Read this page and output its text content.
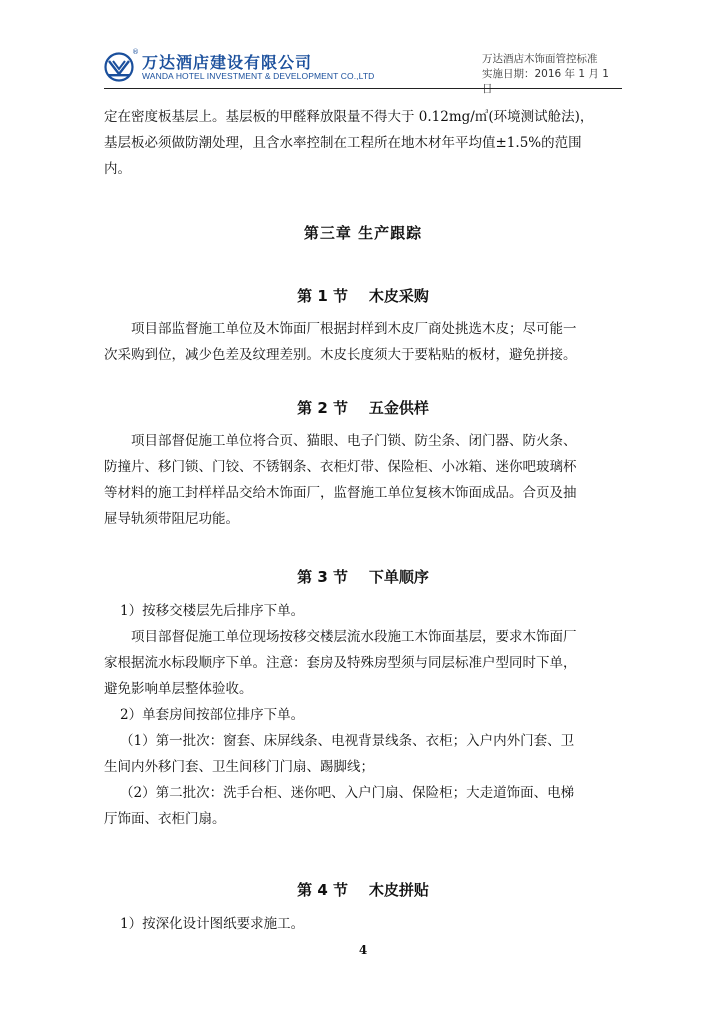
®
万达酒店建设有限公司
WANDA HOTEL INVESTMENT & DEVELOPMENT CO.,LTD
万达酒店木饰面管控标准
实施日期：2016 年 1 月 1 日
定在密度板基层上。基层板的甲醛释放限量不得大于 0.12mg/㎥(环境测试舱法)，
基层板必须做防潮处理，且含水率控制在工程所在地木材年平均值±1.5%的范围
内。
第三章 生产跟踪
第 1 节    木皮采购
项目部监督施工单位及木饰面厂根据封样到木皮厂商处挑选木皮；尽可能一
次采购到位，减少色差及纹理差别。木皮长度须大于要粘贴的板材，避免拼接。
第 2 节    五金供样
项目部督促施工单位将合页、猫眼、电子门锁、防尘条、闭门器、防火条、
防撞片、移门锁、门铰、不锈钢条、衣柜灯带、保险柜、小冰箱、迷你吧玻璃杯
等材料的施工封样样品交给木饰面厂，监督施工单位复核木饰面成品。合页及抽
屉导轨须带阻尼功能。
第 3 节    下单顺序
1）按移交楼层先后排序下单。
项目部督促施工单位现场按移交楼层流水段施工木饰面基层，要求木饰面厂
家根据流水标段顺序下单。注意：套房及特殊房型须与同层标准户型同时下单，
避免影响单层整体验收。
2）单套房间按部位排序下单。
（1）第一批次：窗套、床屏线条、电视背景线条、衣柜；入户内外门套、卫
生间内外移门套、卫生间移门门扇、踢脚线；
（2）第二批次：洗手台柜、迷你吧、入户门扇、保险柜；大走道饰面、电梯
厅饰面、衣柜门扇。
第 4 节    木皮拼贴
1）按深化设计图纸要求施工。
4
